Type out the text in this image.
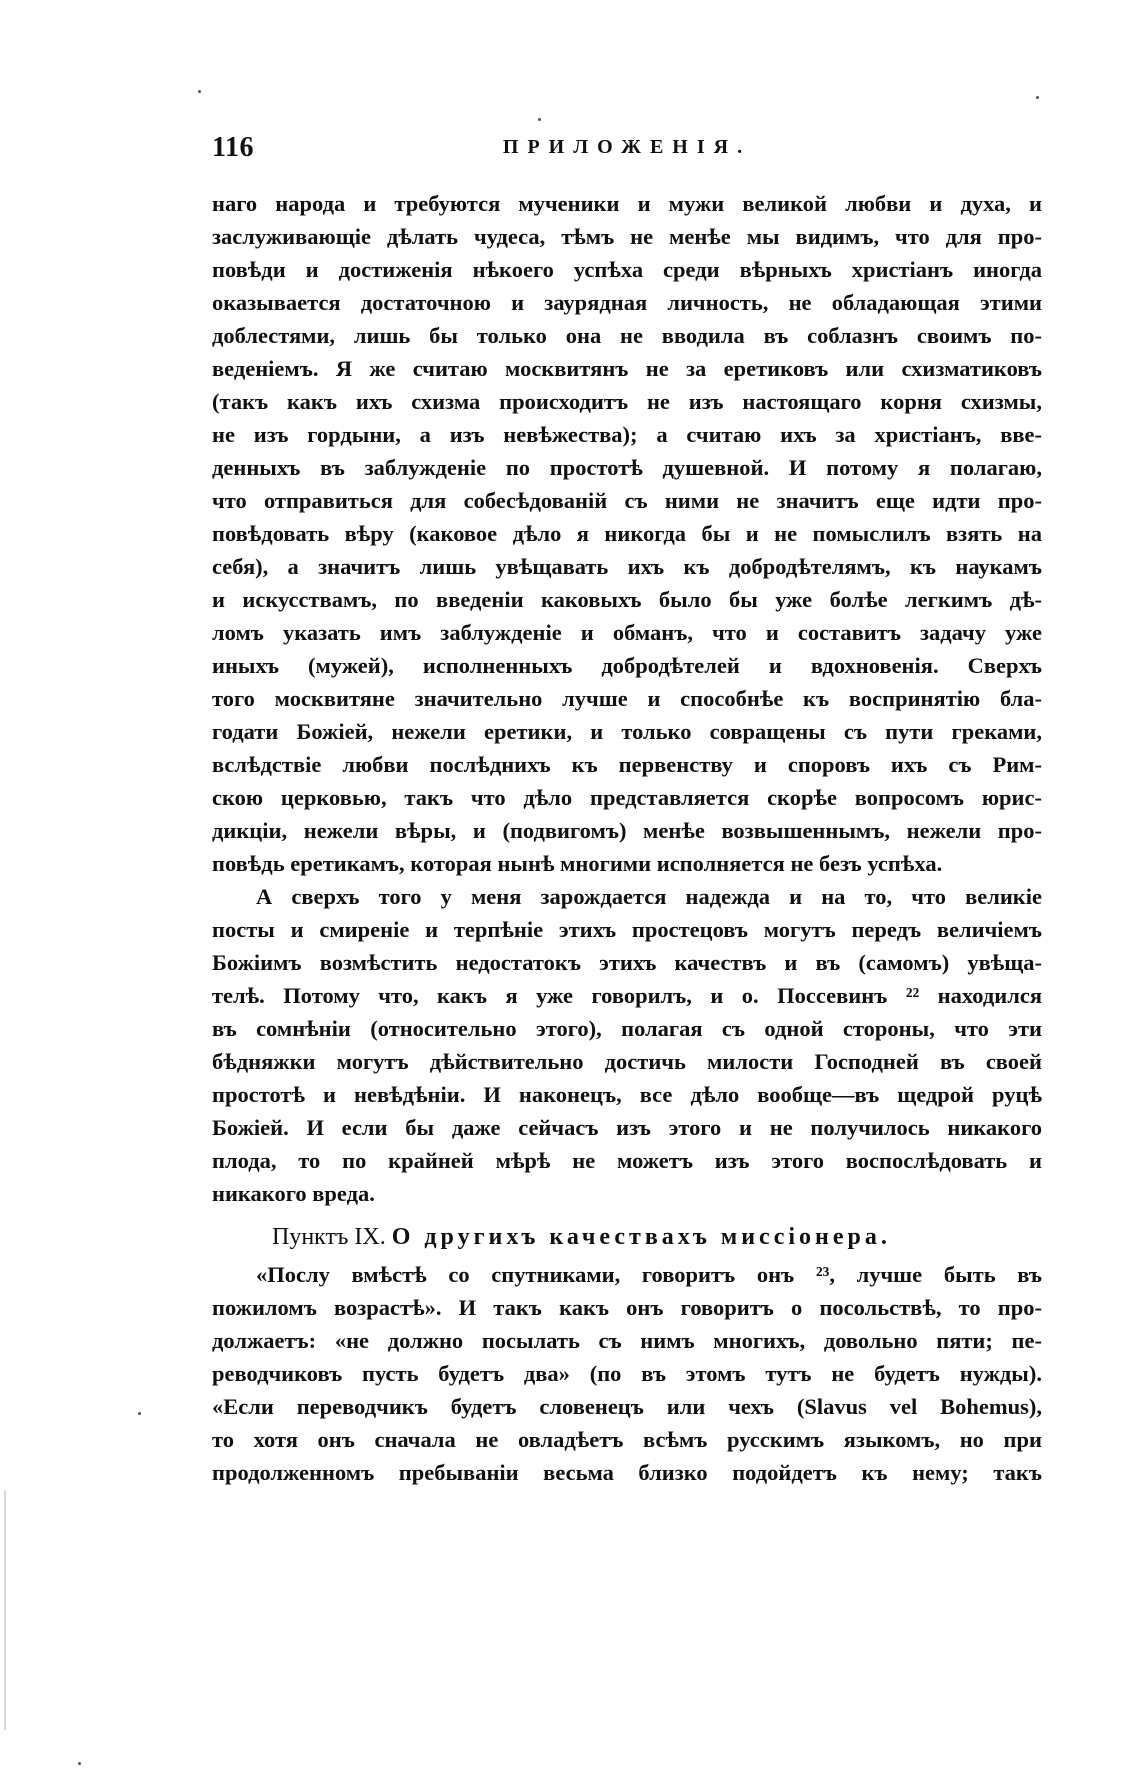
116	ПРИЛОЖЕНІЯ.
наго народа и требуются мученики и мужи великой любви и духа, и
заслуживающіе дѣлать чудеса, тѣмъ не менѣе мы видимъ, что для про-
повѣди и достиженія нѣкоего успѣха среди вѣрныхъ христіанъ иногда
оказывается достаточною и заурядная личность, не обладающая этими
доблестями, лишь бы только она не вводила въ соблазнъ своимъ по-
веденіемъ. Я же считаю москвитянъ не за еретиковъ или схизматиковъ
(такъ какъ ихъ схизма происходитъ не изъ настоящаго корня схизмы,
не изъ гордыни, а изъ невѣжества); а считаю ихъ за христіанъ, вве-
денныхъ въ заблужденіе по простотѣ душевной. И потому я полагаю,
что отправиться для собесѣдованій съ ними не значитъ еще идти про-
повѣдовать вѣру (каковое дѣло я никогда бы и не помыслилъ взять на
себя), а значитъ лишь увѣщавать ихъ къ добродѣтелямъ, къ наукамъ
и искусствамъ, по введеніи каковыхъ было бы уже болѣе легкимъ дѣ-
ломъ указать имъ заблужденіе и обманъ, что и составитъ задачу уже
иныхъ (мужей), исполненныхъ добродѣтелей и вдохновенія. Сверхъ
того москвитяне значительно лучше и способнѣе къ воспринятію бла-
годати Божіей, нежели еретики, и только совращены съ пути греками,
вслѣдствіе любви послѣднихъ къ первенству и споровъ ихъ съ Рим-
скою церковью, такъ что дѣло представляется скорѣе вопросомъ юрис-
дикціи, нежели вѣры, и (подвигомъ) менѣе возвышеннымъ, нежели про-
повѣдь еретикамъ, которая нынѣ многими исполняется не безъ успѣха.
А сверхъ того у меня зарождается надежда и на то, что великіе
посты и смиреніе и терпѣніе этихъ простецовъ могутъ передъ величіемъ
Божіимъ возмѣстить недостатокъ этихъ качествъ и въ (самомъ) увѣща-
телѣ. Потому что, какъ я уже говорилъ, и о. Поссевинъ ²² находился
въ сомнѣніи (относительно этого), полагая съ одной стороны, что эти
бѣдняжки могутъ дѣйствительно достичь милости Господней въ своей
простотѣ и невѣдѣніи. И наконецъ, все дѣло вообще—въ щедрой руцѣ
Божіей. И если бы даже сейчасъ изъ этого и не получилось никакого
плода, то по крайней мѣрѣ не можетъ изъ этого воспослѣдовать и
никакого вреда.
Пунктъ IX. О другихъ качествахъ миссіонера.
«Послу вмѣстѣ со спутниками, говоритъ онъ ²³, лучше быть въ
пожиломъ возрастѣ». И такъ какъ онъ говоритъ о посольствѣ, то про-
должаетъ: «не должно посылать съ нимъ многихъ, довольно пяти; пе-
реводчиковъ пусть будетъ два» (по въ этомъ тутъ не будетъ нужды).
«Если переводчикъ будетъ словенецъ или чехъ (Slavus vel Bohemus),
то хотя онъ сначала не овладѣетъ всѣмъ русскимъ языкомъ, но при
продолженномъ пребываніи весьма близко подойдетъ къ нему; такъ
